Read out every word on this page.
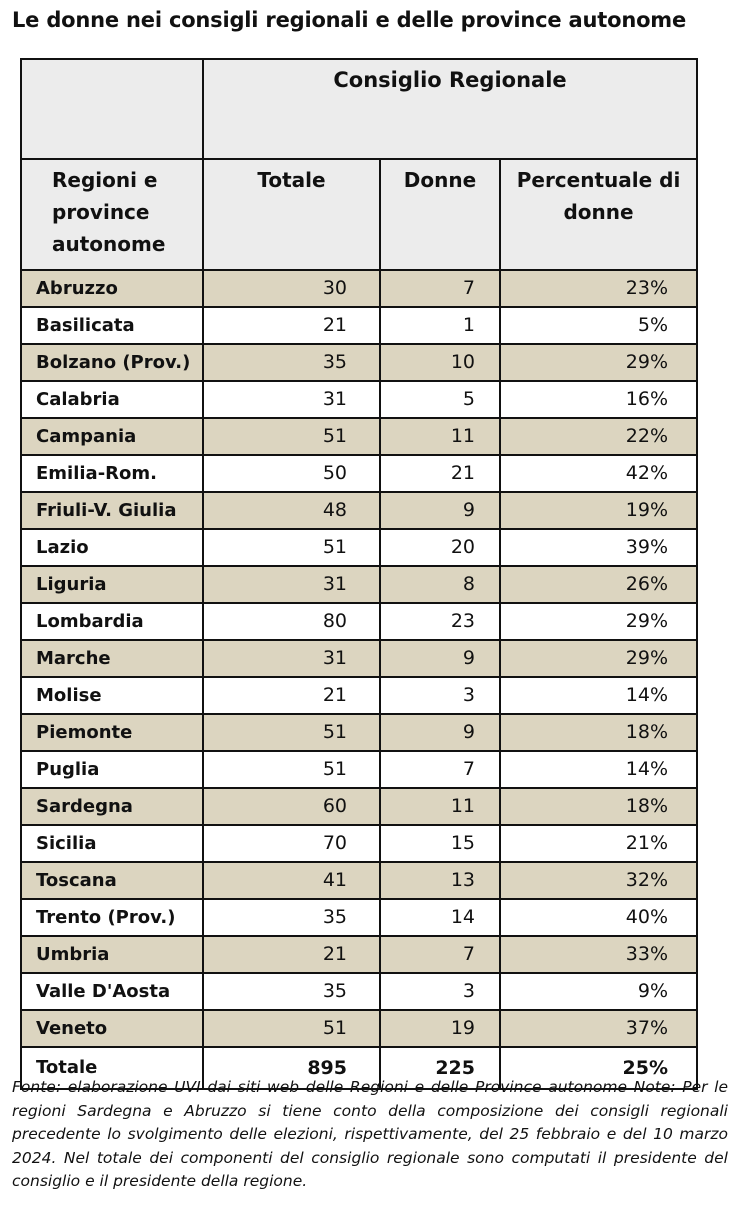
Le donne nei consigli regionali e delle province autonome
	Consiglio Regionale		
Regioni e province autonome	Totale	Donne	Percentuale di donne
Abruzzo	30	7	23%
Basilicata	21	1	5%
Bolzano (Prov.)	35	10	29%
Calabria	31	5	16%
Campania	51	11	22%
Emilia-Rom.	50	21	42%
Friuli-V. Giulia	48	9	19%
Lazio	51	20	39%
Liguria	31	8	26%
Lombardia	80	23	29%
Marche	31	9	29%
Molise	21	3	14%
Piemonte	51	9	18%
Puglia	51	7	14%
Sardegna	60	11	18%
Sicilia	70	15	21%
Toscana	41	13	32%
Trento (Prov.)	35	14	40%
Umbria	21	7	33%
Valle D'Aosta	35	3	9%
Veneto	51	19	37%
Totale	895	225	25%
Fonte: elaborazione UVI dai siti web delle Regioni e delle Province autonome Note: Per le regioni Sardegna e Abruzzo si tiene conto della composizione dei consigli regionali precedente lo svolgimento delle elezioni, rispettivamente, del 25 febbraio e del 10 marzo 2024. Nel totale dei componenti del consiglio regionale sono computati il presidente del consiglio e il presidente della regione.
